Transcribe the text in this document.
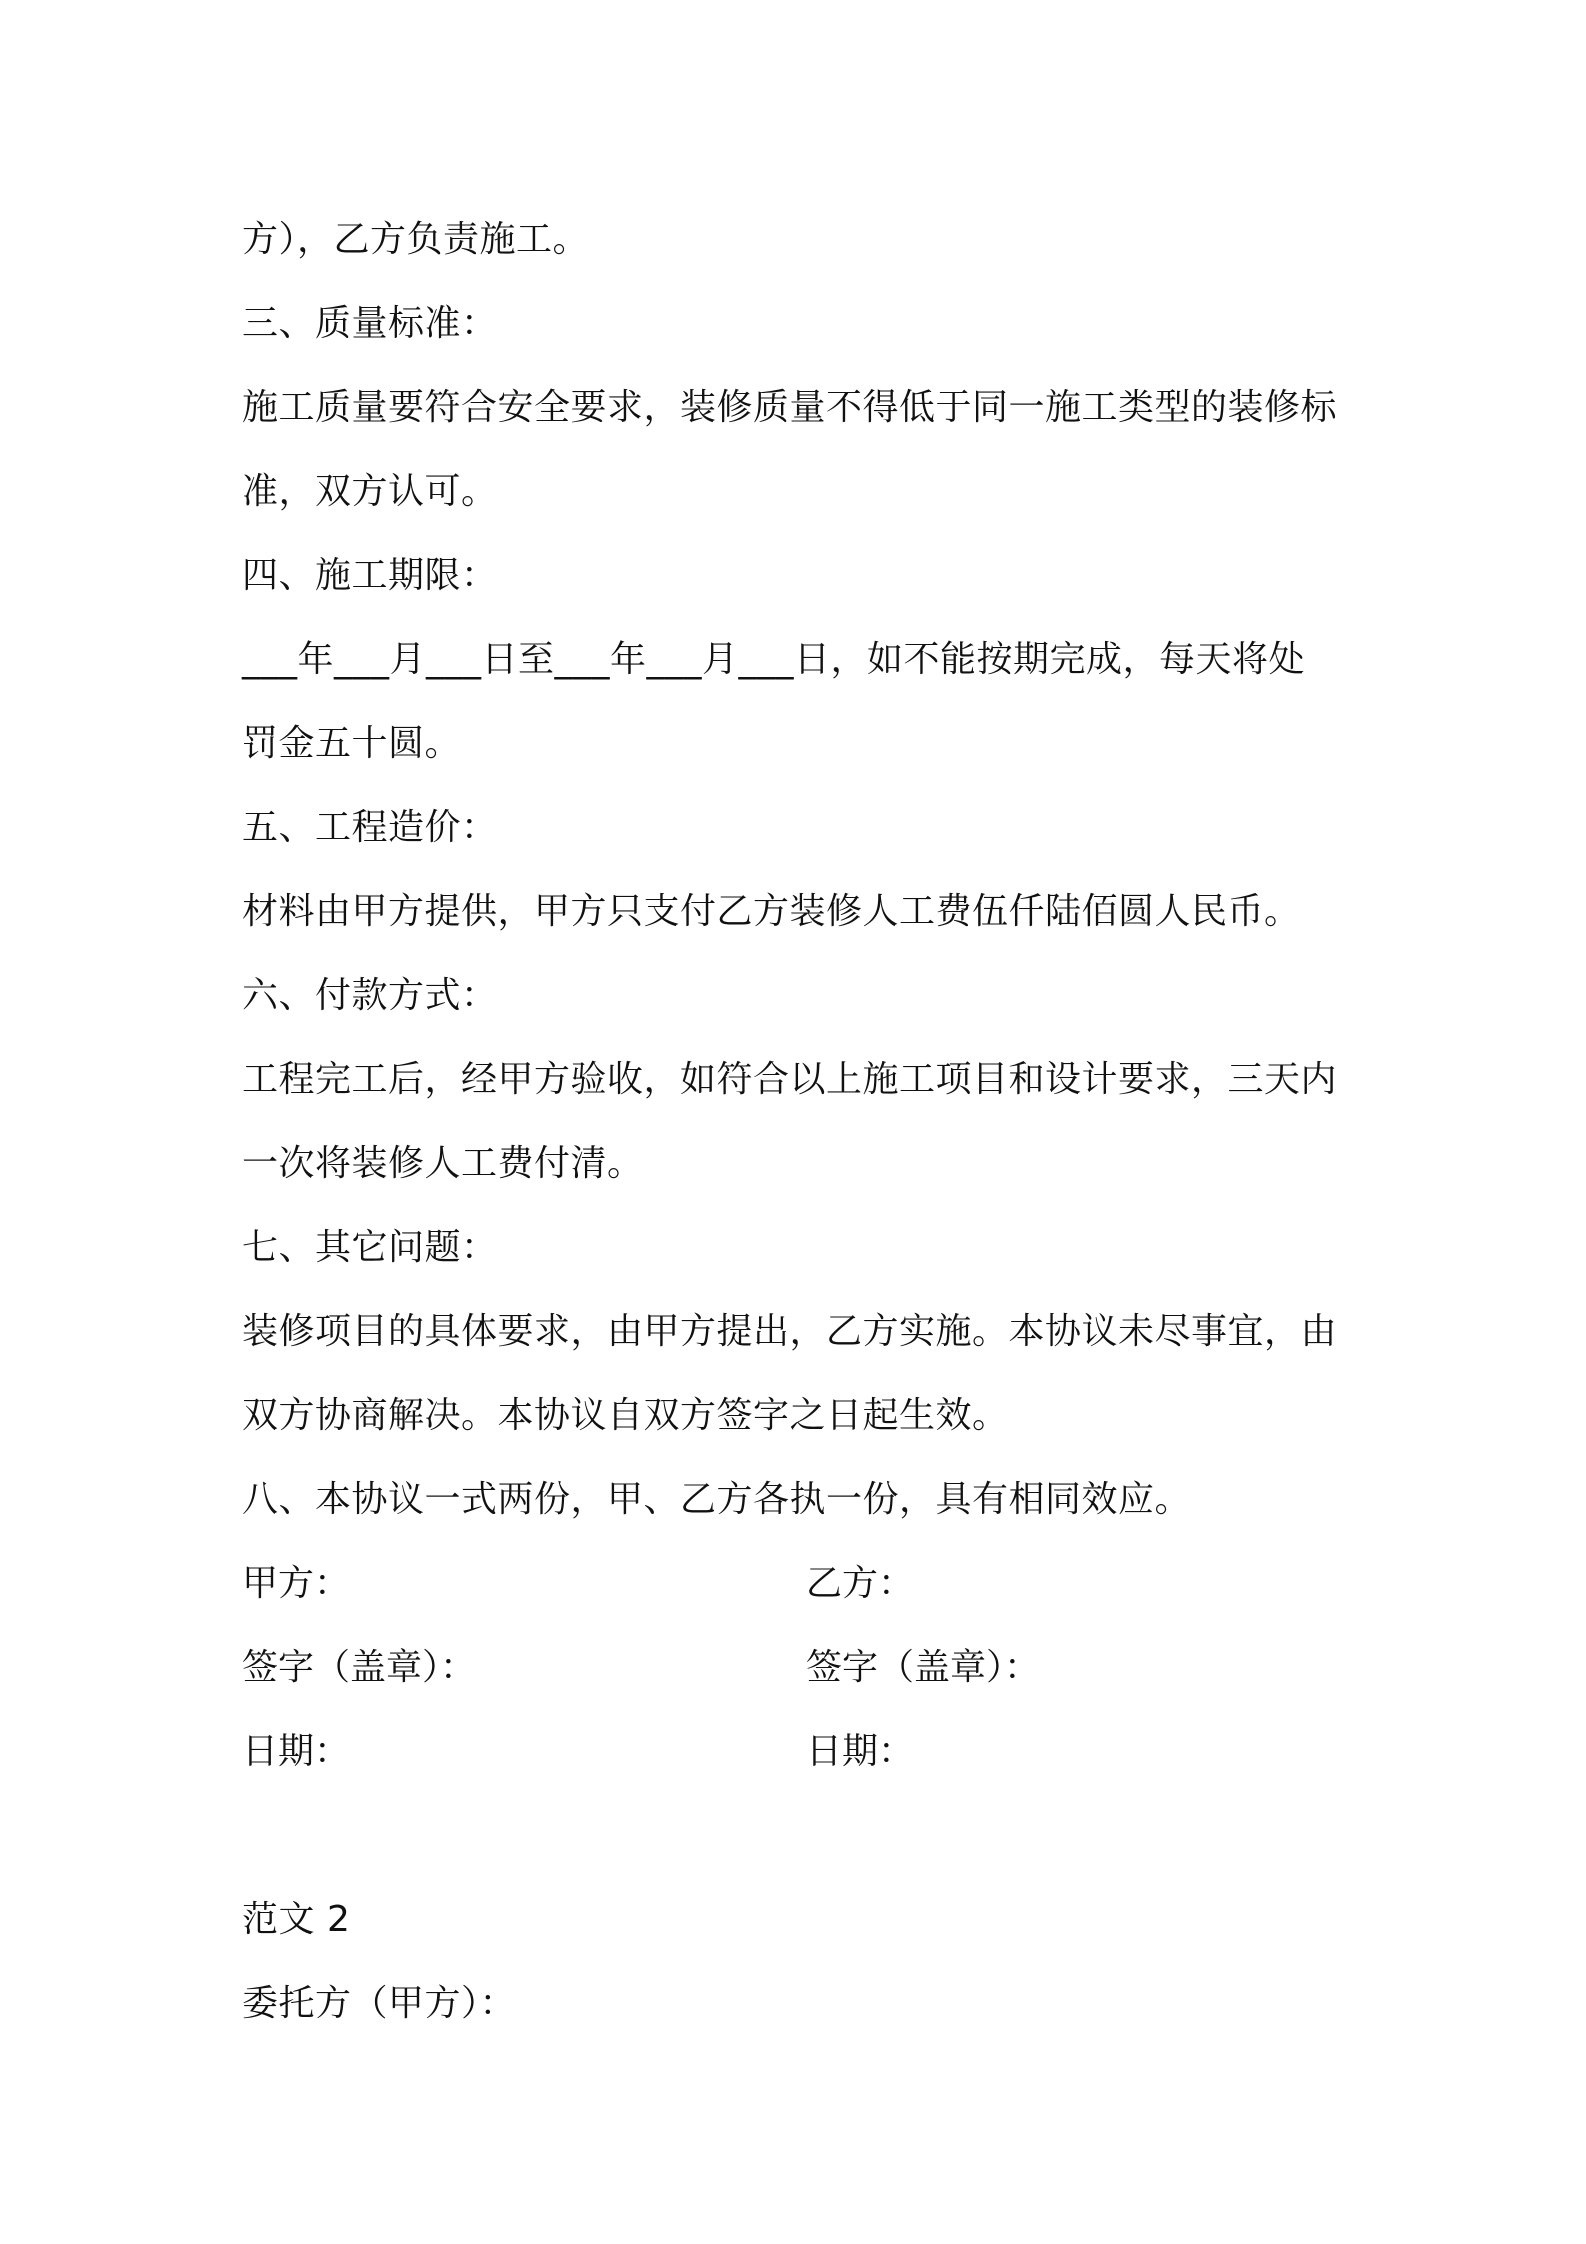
方），乙方负责施工。
三、质量标准：
施工质量要符合安全要求，装修质量不得低于同一施工类型的装修标
准，双方认可。
四、施工期限：
___年___月___日至___年___月___日，如不能按期完成，每天将处
罚金五十圆。
五、工程造价：
材料由甲方提供，甲方只支付乙方装修人工费伍仟陆佰圆人民币。
六、付款方式：
工程完工后，经甲方验收，如符合以上施工项目和设计要求，三天内
一次将装修人工费付清。
七、其它问题：
装修项目的具体要求，由甲方提出，乙方实施。本协议未尽事宜，由
双方协商解决。本协议自双方签字之日起生效。
八、本协议一式两份，甲、乙方各执一份，具有相同效应。
甲方：	乙方：
签字（盖章）：	签字（盖章）：
日期：	日期：
范文 2
委托方（甲方）：
